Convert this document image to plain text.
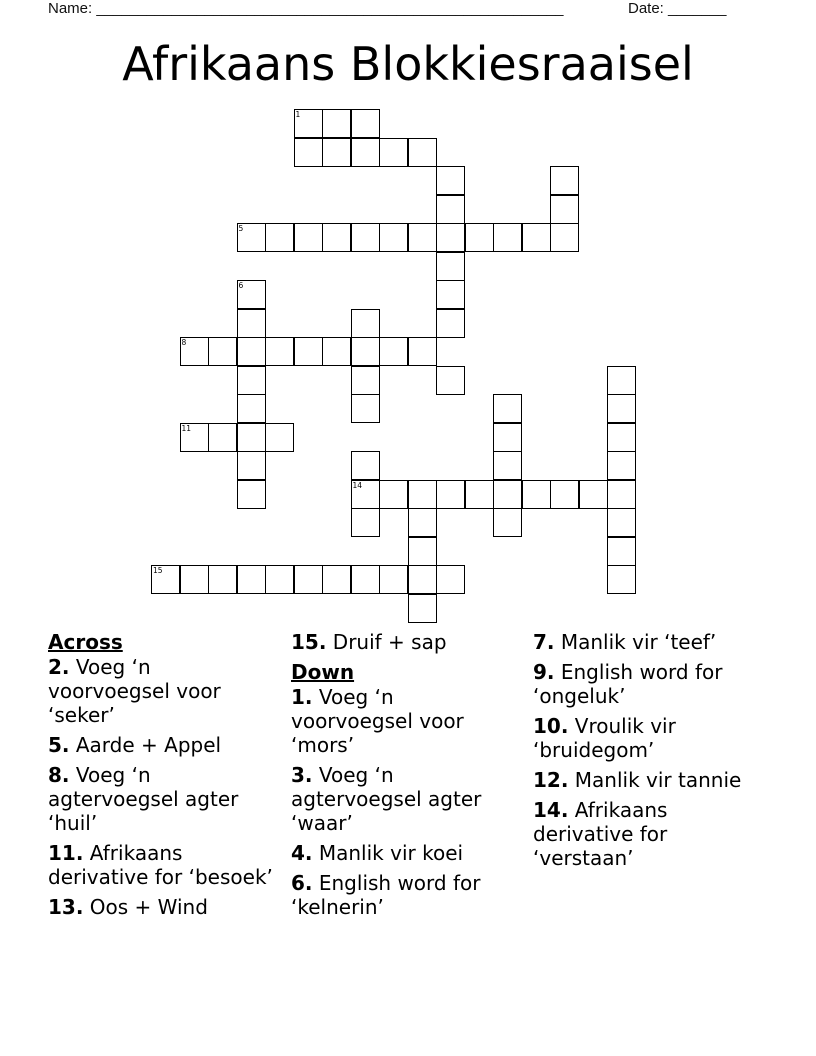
Name: ________________________________________________________	Date: _______
Afrikaans Blokkiesraaisel
1
5
6
8
11
14
15
Across
2. Voeg ‘n voorvoegsel voor ‘seker’
5. Aarde + Appel
8. Voeg ‘n agtervoegsel agter ‘huil’
11. Afrikaans derivative for ‘besoek’
13. Oos + Wind
15. Druif + sap
Down
1. Voeg ‘n voorvoegsel voor ‘mors’
3. Voeg ‘n agtervoegsel agter ‘waar’
4. Manlik vir koei
6. English word for ‘kelnerin’
7. Manlik vir ‘teef’
9. English word for ‘ongeluk’
10. Vroulik vir ‘bruidegom’
12. Manlik vir tannie
14. Afrikaans derivative for ‘verstaan’
